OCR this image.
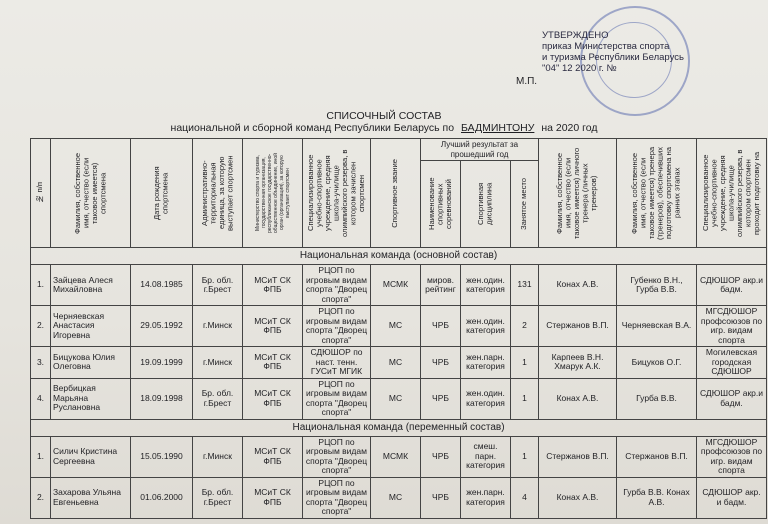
УТВЕРЖДЕНО
приказ Министерства спорта
и туризма Республики Беларусь
"04" 12 2020 г. №
М.П.
СПИСОЧНЫЙ СОСТАВ
национальной и сборной команд Республики Беларусь по БАДМИНТОНУ на 2020 год
№ п/п	Фамилия, собственное имя, отчество (если таковое имеется) спортсмена	Дата рождения спортсмена	Административно-территориальная единица, за которую выступает спортсмен	Министерство спорта и туризма, государственная организация, республиканское государственно-общественное объединение, иной орган (организация), за которую выступает спортсмен	Специализированное учебно-спортивное учреждение, средняя школа-училище олимпийского резерва, в котором зачислен спортсмен	Спортивное звание	Лучший результат за прошедший год			Фамилия, собственное имя, отчество (если таковое имеется) личного тренера (личных тренеров)	Фамилия, собственное имя, отчество (если таковое имеется) тренера (тренеров), обеспечивших подготовку спортсмена на ранних этапах	Специализированное учебно-спортивное учреждение, средняя школа-училище олимпийского резерва, в котором спортсмен проходит подготовку на

							Наименование спортивных соревнований	Спортивная дисциплина	Занятое место			

Национальная команда (основной состав)												
1.	Зайцева Алеся Михайловна	14.08.1985	Бр. обл. г.Брест	МСиТ СК ФПБ	РЦОП по игровым видам спорта "Дворец спорта"	МСМК	миров. рейтинг	жен.один. категория	131	Конах А.В.	Губенко В.Н., Гурба В.В.	СДЮШОР акр.и бадм.
2.	Черняевская Анастасия Игоревна	29.05.1992	г.Минск	МСиТ СК ФПБ	РЦОП по игровым видам спорта "Дворец спорта"	МС	ЧРБ	жен.один. категория	2	Стержанов В.П.	Черняевская В.А.	МГСДЮШОР профсоюзов по игр. видам спорта
3.	Бицукова Юлия Олеговна	19.09.1999	г.Минск	МСиТ СК ФПБ	СДЮШОР по наст. тенн. ГУСиТ МГИК	МС	ЧРБ	жен.парн. категория	1	Карпеев В.Н. Хмарук А.К.	Бицуков О.Г.	Могилевская городская СДЮШОР
4.	Вербицкая Марьяна Руслановна	18.09.1998	Бр. обл. г.Брест	МСиТ СК ФПБ	РЦОП по игровым видам спорта "Дворец спорта"	МС	ЧРБ	жен.один. категория	1	Конах А.В.	Гурба В.В.	СДЮШОР акр.и бадм.
Национальная команда (переменный состав)												
1.	Силич Кристина Сергеевна	15.05.1990	г.Минск	МСиТ СК ФПБ	РЦОП по игровым видам спорта "Дворец спорта"	МСМК	ЧРБ	смеш. парн. категория	1	Стержанов В.П.	Стержанов В.П.	МГСДЮШОР профсоюзов по игр. видам спорта
2.	Захарова Ульяна Евгеньевна	01.06.2000	Бр. обл. г.Брест	МСиТ СК ФПБ	РЦОП по игровым видам спорта "Дворец спорта"	МС	ЧРБ	жен.парн. категория	4	Конах А.В.	Гурба В.В. Конах А.В.	СДЮШОР акр. и бадм.
